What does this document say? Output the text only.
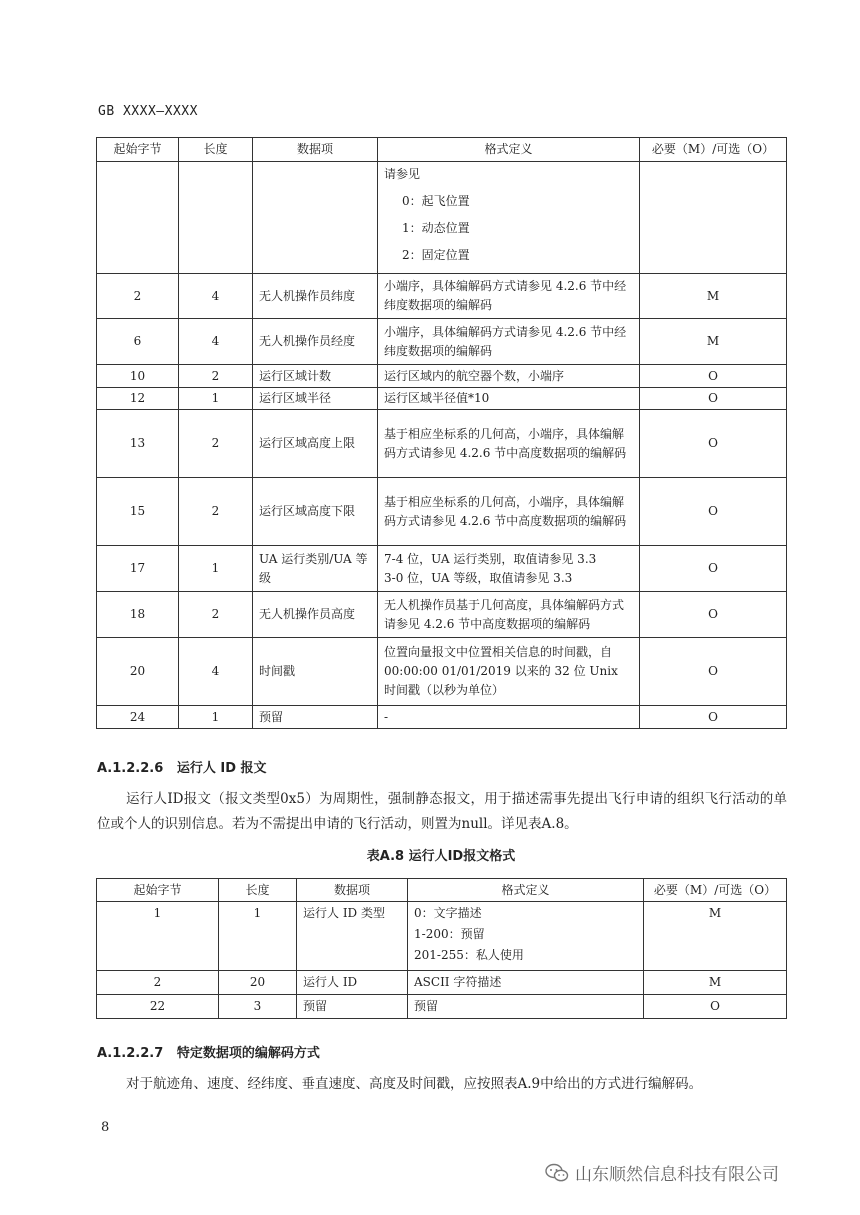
GB XXXX—XXXX
起始字节	长度	数据项	格式定义	必要（M）/可选（O）

			请参见
0：起飞位置
1：动态位置
2：固定位置	

2	4	无人机操作员纬度	小端序，具体编解码方式请参见 4.2.6 节中经纬度数据项的编解码	M
6	4	无人机操作员经度	小端序，具体编解码方式请参见 4.2.6 节中经纬度数据项的编解码	M
10	2	运行区域计数	运行区域内的航空器个数，小端序	O
12	1	运行区域半径	运行区域半径值*10	O
13	2	运行区域高度上限	基于相应坐标系的几何高，小端序，具体编解码方式请参见 4.2.6 节中高度数据项的编解码	O
15	2	运行区域高度下限	基于相应坐标系的几何高，小端序，具体编解码方式请参见 4.2.6 节中高度数据项的编解码	O
17	1	UA 运行类别/UA 等级	7-4 位，UA 运行类别，取值请参见 3.3
3-0 位，UA 等级，取值请参见 3.3	O
18	2	无人机操作员高度	无人机操作员基于几何高度，具体编解码方式请参见 4.2.6 节中高度数据项的编解码	O
20	4	时间戳	位置向量报文中位置相关信息的时间戳，自 00:00:00 01/01/2019 以来的 32 位 Unix 时间戳（以秒为单位）	O
24	1	预留	-	O
A.1.2.2.6 运行人 ID 报文
运行人ID报文（报文类型0x5）为周期性，强制静态报文，用于描述需事先提出飞行申请的组织飞行活动的单位或个人的识别信息。若为不需提出申请的飞行活动，则置为null。详见表A.8。
表A.8 运行人ID报文格式
起始字节	长度	数据项	格式定义	必要（M）/可选（O）
1	1	运行人 ID 类型	0：文字描述
1-200：预留
201-255：私人使用	M
2	20	运行人 ID	ASCII 字符描述	M
22	3	预留	预留	O
A.1.2.2.7 特定数据项的编解码方式
对于航迹角、速度、经纬度、垂直速度、高度及时间戳，应按照表A.9中给出的方式进行编解码。
8
山东顺然信息科技有限公司
